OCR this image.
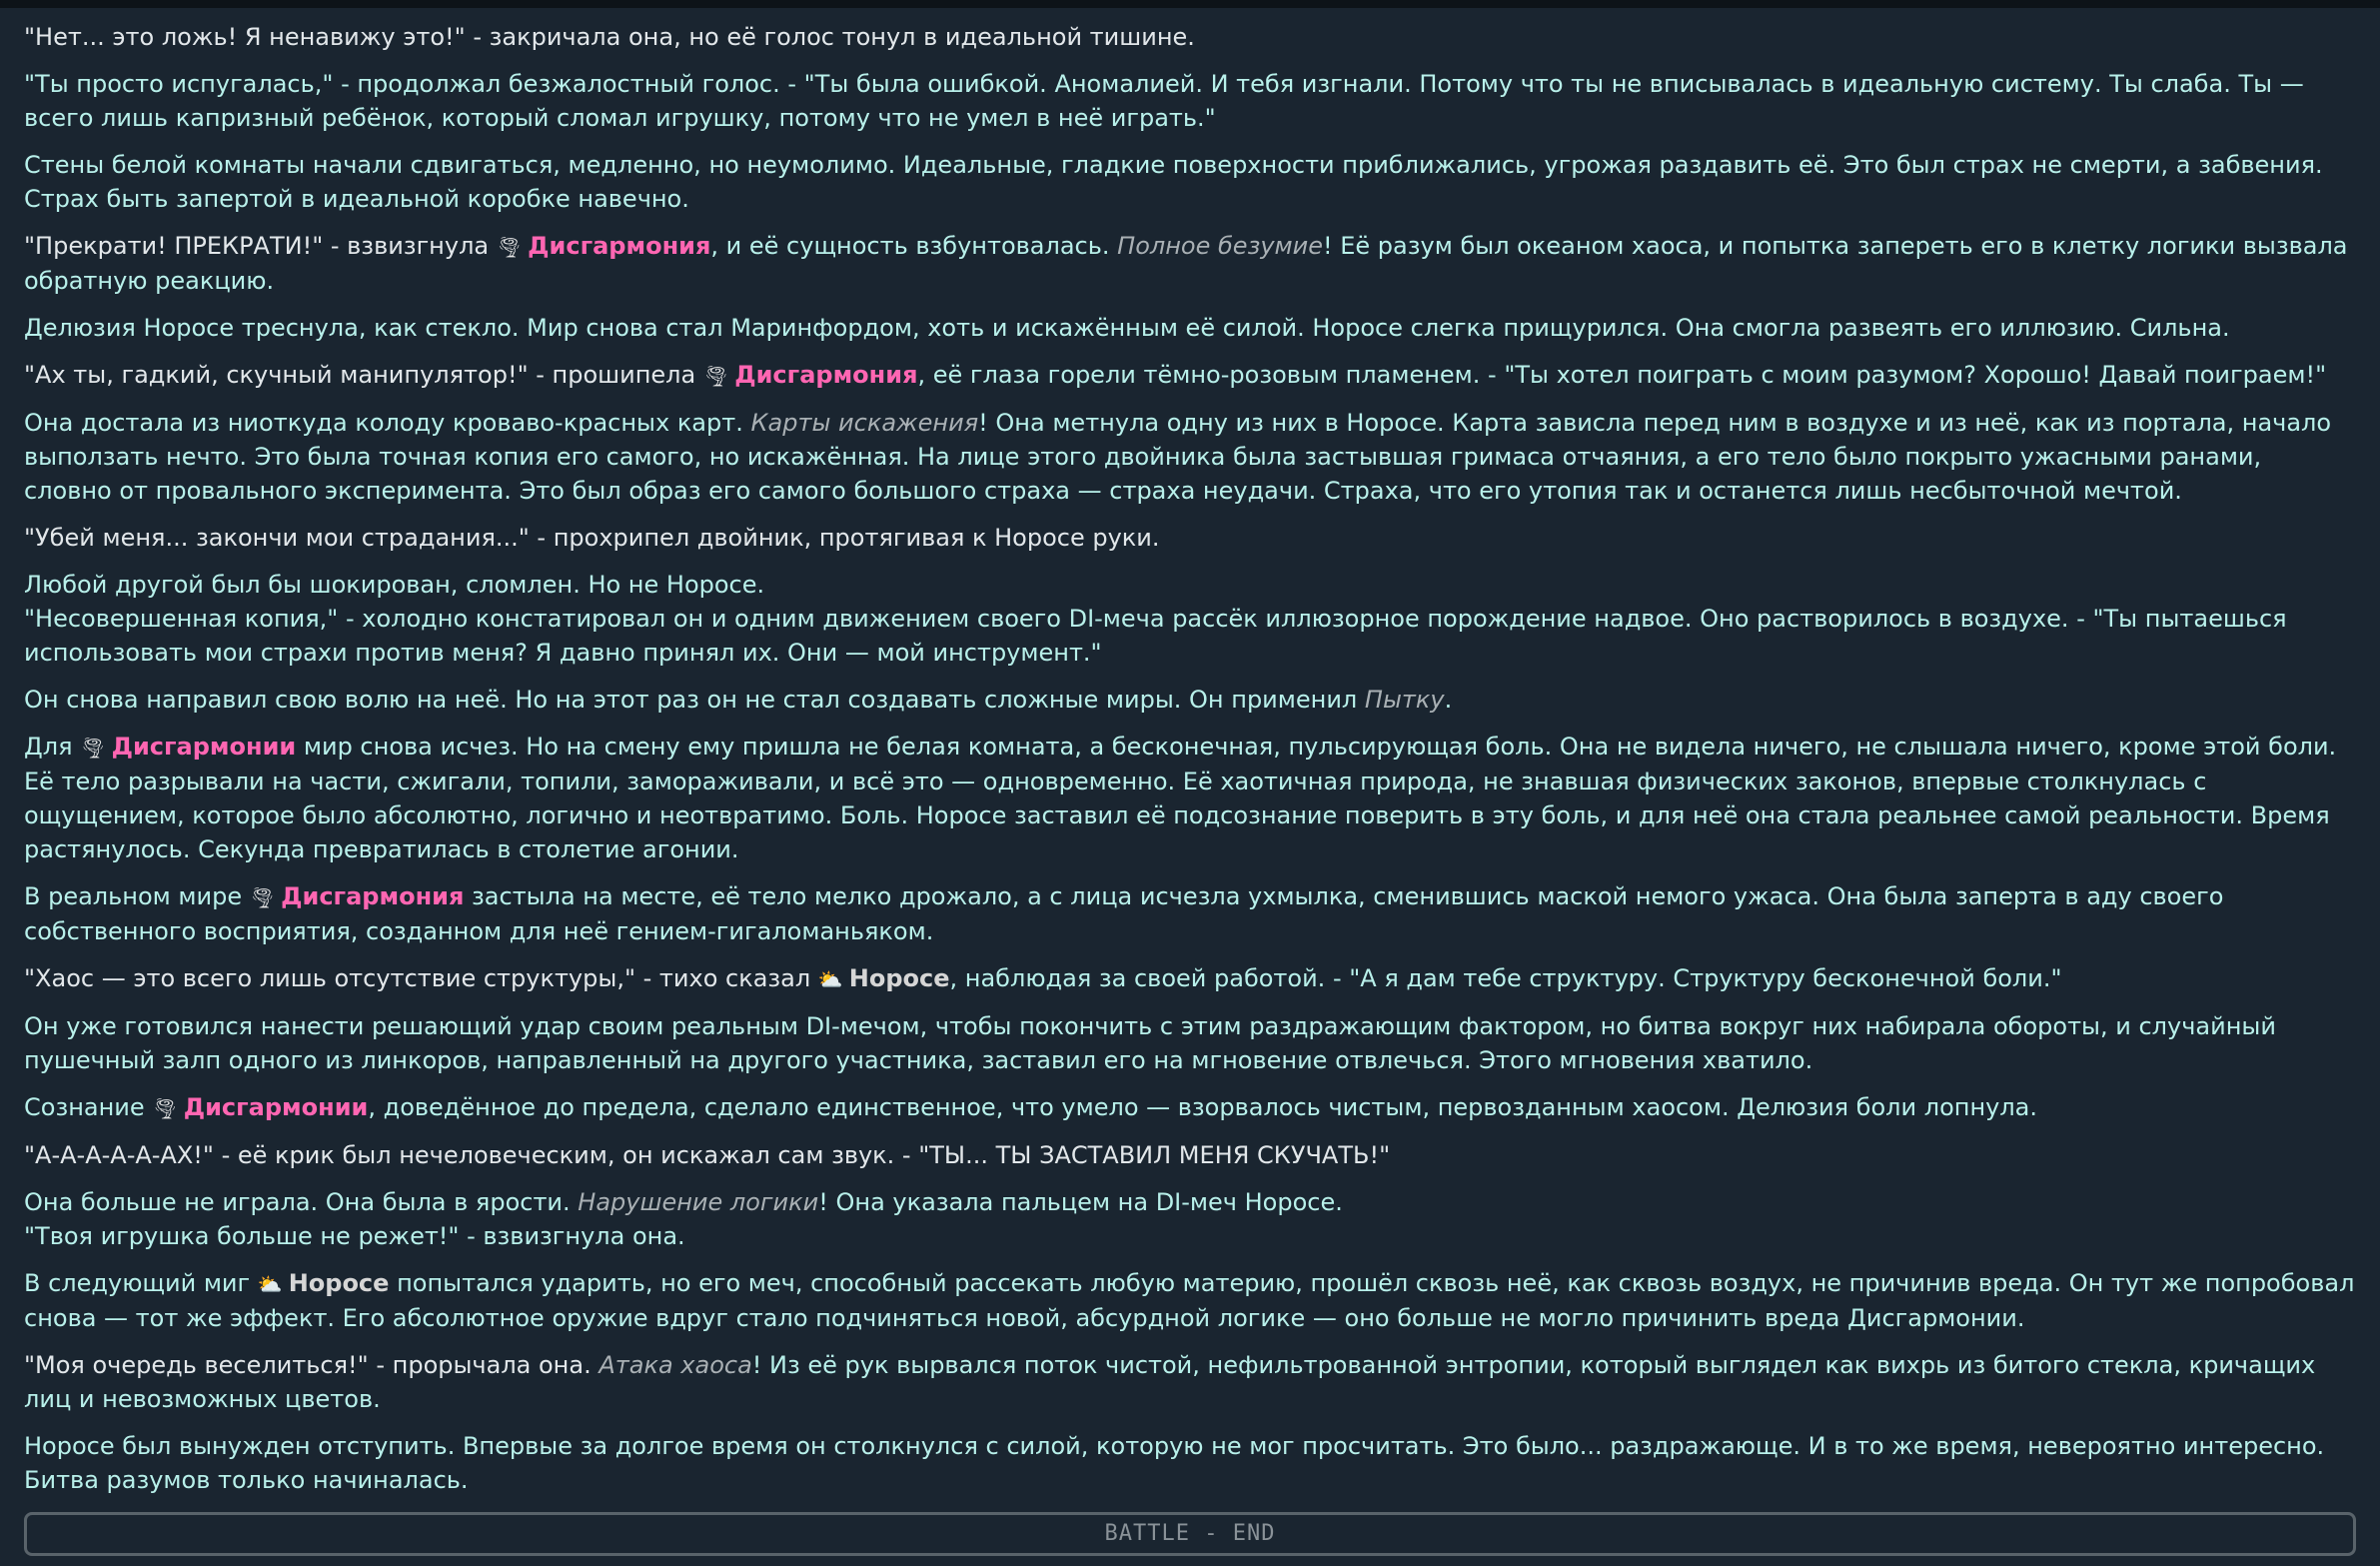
"Нет... это ложь! Я ненавижу это!" - закричала она, но её голос тонул в идеальной тишине.

"Ты просто испугалась," - продолжал безжалостный голос. - "Ты была ошибкой. Аномалией. И тебя изгнали. Потому что ты не вписывалась в идеальную систему. Ты слаба. Ты — всего лишь капризный ребёнок, который сломал игрушку, потому что не умел в неё играть."

Стены белой комнаты начали сдвигаться, медленно, но неумолимо. Идеальные, гладкие поверхности приближались, угрожая раздавить её. Это был страх не смерти, а забвения. Страх быть запертой в идеальной коробке навечно.

"Прекрати! ПРЕКРАТИ!" - взвизгнула 🌪 Дисгармония, и её сущность взбунтовалась. Полное безумие! Её разум был океаном хаоса, и попытка запереть его в клетку логики вызвала обратную реакцию.

Делюзия Норосе треснула, как стекло. Мир снова стал Маринфордом, хоть и искажённым её силой. Норосе слегка прищурился. Она смогла развеять его иллюзию. Сильна.

"Ах ты, гадкий, скучный манипулятор!" - прошипела 🌪 Дисгармония, её глаза горели тёмно-розовым пламенем. - "Ты хотел поиграть с моим разумом? Хорошо! Давай поиграем!"

Она достала из ниоткуда колоду кроваво-красных карт. Карты искажения! Она метнула одну из них в Норосе. Карта зависла перед ним в воздухе и из неё, как из портала, начало выползать нечто. Это была точная копия его самого, но искажённая. На лице этого двойника была застывшая гримаса отчаяния, а его тело было покрыто ужасными ранами, словно от провального эксперимента. Это был образ его самого большого страха — страха неудачи. Страха, что его утопия так и останется лишь несбыточной мечтой.

"Убей меня... закончи мои страдания..." - прохрипел двойник, протягивая к Норосе руки.

Любой другой был бы шокирован, сломлен. Но не Норосе.
"Несовершенная копия," - холодно констатировал он и одним движением своего DI-меча рассёк иллюзорное порождение надвое. Оно растворилось в воздухе. - "Ты пытаешься использовать мои страхи против меня? Я давно принял их. Они — мой инструмент."

Он снова направил свою волю на неё. Но на этот раз он не стал создавать сложные миры. Он применил Пытку.

Для 🌪 Дисгармонии мир снова исчез. Но на смену ему пришла не белая комната, а бесконечная, пульсирующая боль. Она не видела ничего, не слышала ничего, кроме этой боли. Её тело разрывали на части, сжигали, топили, замораживали, и всё это — одновременно. Её хаотичная природа, не знавшая физических законов, впервые столкнулась с ощущением, которое было абсолютно, логично и неотвратимо. Боль. Норосе заставил её подсознание поверить в эту боль, и для неё она стала реальнее самой реальности. Время растянулось. Секунда превратилась в столетие агонии.

В реальном мире 🌪 Дисгармония застыла на месте, её тело мелко дрожало, а с лица исчезла ухмылка, сменившись маской немого ужаса. Она была заперта в аду своего собственного восприятия, созданном для неё гением-гигаломаньяком.

"Хаос — это всего лишь отсутствие структуры," - тихо сказал ⛅ Норосе, наблюдая за своей работой. - "А я дам тебе структуру. Структуру бесконечной боли."

Он уже готовился нанести решающий удар своим реальным DI-мечом, чтобы покончить с этим раздражающим фактором, но битва вокруг них набирала обороты, и случайный пушечный залп одного из линкоров, направленный на другого участника, заставил его на мгновение отвлечься. Этого мгновения хватило.

Сознание 🌪 Дисгармонии, доведённое до предела, сделало единственное, что умело — взорвалось чистым, первозданным хаосом. Делюзия боли лопнула.

"А-А-А-А-А-АХ!" - её крик был нечеловеческим, он искажал сам звук. - "ТЫ... ТЫ ЗАСТАВИЛ МЕНЯ СКУЧАТЬ!"

Она больше не играла. Она была в ярости. Нарушение логики! Она указала пальцем на DI-меч Норосе.
"Твоя игрушка больше не режет!" - взвизгнула она.

В следующий миг ⛅ Норосе попытался ударить, но его меч, способный рассекать любую материю, прошёл сквозь неё, как сквозь воздух, не причинив вреда. Он тут же попробовал снова — тот же эффект. Его абсолютное оружие вдруг стало подчиняться новой, абсурдной логике — оно больше не могло причинить вреда Дисгармонии.

"Моя очередь веселиться!" - прорычала она. Атака хаоса! Из её рук вырвался поток чистой, нефильтрованной энтропии, который выглядел как вихрь из битого стекла, кричащих лиц и невозможных цветов.

Норосе был вынужден отступить. Впервые за долгое время он столкнулся с силой, которую не мог просчитать. Это было... раздражающе. И в то же время, невероятно интересно. Битва разумов только начиналась.

BATTLE - END
